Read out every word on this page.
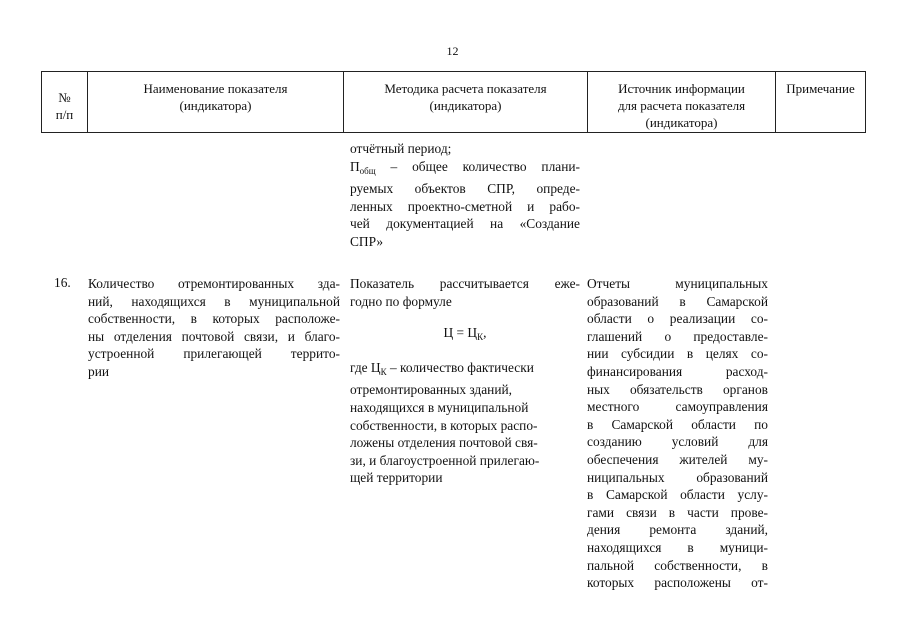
12
№
п/п
Наименование показателя
(индикатора)
Методика расчета показателя
(индикатора)
Источник информации
для расчета показателя
(индикатора)
Примечание
отчётный период;
$П_{общ}$ – общее количество плани-
руемых объектов СПР, опреде-
ленных проектно-сметной и рабо-
чей документацией на «Создание
СПР»
16. Количество отремонтированных зда-
ний, находящихся в муниципальной
собственности, в которых расположе-
ны отделения почтовой связи, и благо-
устроенной прилегающей террито-
рии
Показатель рассчитывается еже-
годно по формуле
$Ц = Ц_К$,
где $Ц_К$ – количество фактически
отремонтированных зданий,
находящихся в муниципальной
собственности, в которых распо-
ложены отделения почтовой свя-
зи, и благоустроенной прилегаю-
щей территории
Отчеты муниципальных
образований в Самарской
области о реализации со-
глашений о предоставле-
нии субсидии в целях со-
финансирования расход-
ных обязательств органов
местного самоуправления
в Самарской области по
созданию условий для
обеспечения жителей му-
ниципальных образований
в Самарской области услу-
гами связи в части прове-
дения ремонта зданий,
находящихся в муници-
пальной собственности, в
которых расположены от-
